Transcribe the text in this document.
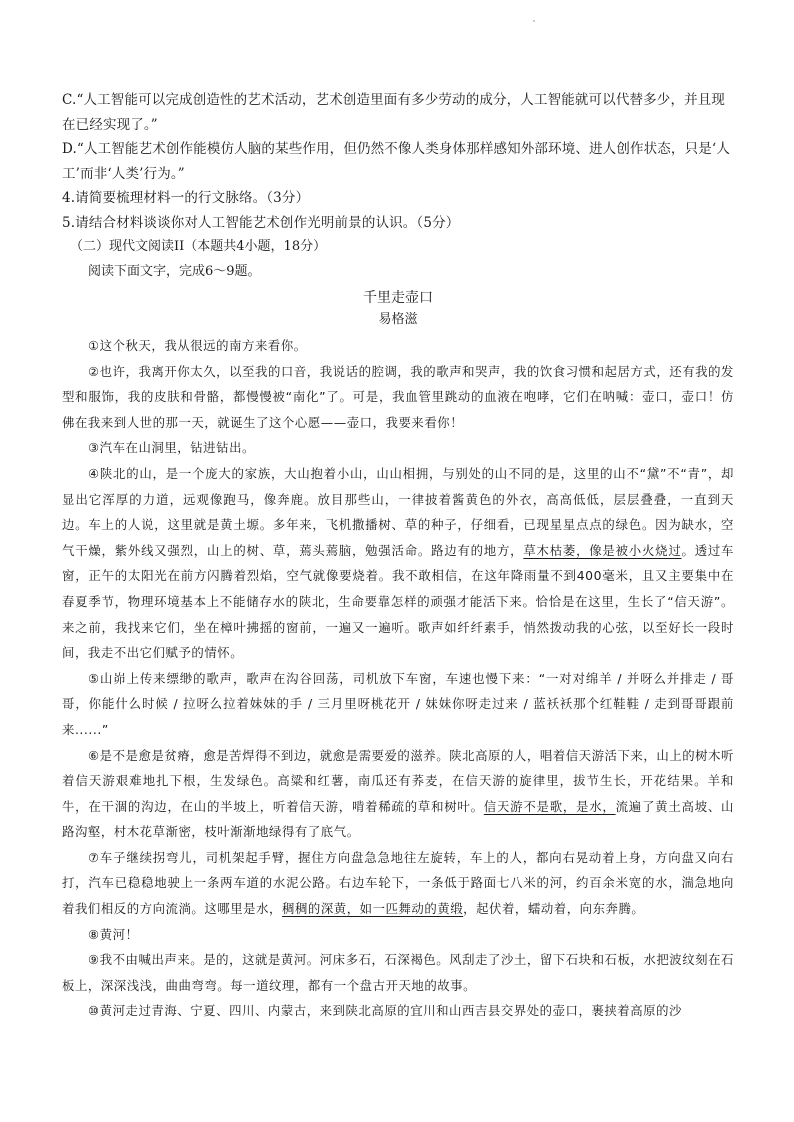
C.“人工智能可以完成创造性的艺术活动，艺术创造里面有多少劳动的成分，人工智能就可以代替多少，并且现在已经实现了。”

D.“人工智能艺术创作能模仿人脑的某些作用，但仍然不像人类身体那样感知外部环境、进人创作状态，只是‘人工’而非‘人类’行为。”

4.请简要梳理材料一的行文脉络。（3分）

5.请结合材料谈谈你对人工智能艺术创作光明前景的认识。（5分）

（二）现代文阅读II（本题共4小题，18分）

阅读下面文字，完成6～9题。

千里走壶口

易格滋

①这个秋天，我从很远的南方来看你。

②也许，我离开你太久，以至我的口音，我说话的腔调，我的歌声和哭声，我的饮食习惯和起居方式，还有我的发型和服饰，我的皮肤和骨骼，都慢慢被“南化”了。可是，我血管里跳动的血液在咆哮，它们在呐喊：壶口，壶口！仿佛在我来到人世的那一天，就诞生了这个心愿——壶口，我要来看你！

③汽车在山洞里，钻进钻出。

④陕北的山，是一个庞大的家族，大山抱着小山，山山相拥，与别处的山不同的是，这里的山不“黛”不“青”，却显出它浑厚的力道，远观像跑马，像奔鹿。放目那些山，一律披着酱黄色的外衣，高高低低，层层叠叠，一直到天边。车上的人说，这里就是黄土塬。多年来，飞机撒播树、草的种子，仔细看，已现星星点点的绿色。因为缺水，空气干燥，紫外线又强烈，山上的树、草，蔫头蔫脑，勉强活命。路边有的地方，草木枯萎，像是被小火烧过。透过车窗，正午的太阳光在前方闪腾着烈焰，空气就像要烧着。我不敢相信，在这年降雨量不到400毫米，且又主要集中在春夏季节，物理环境基本上不能储存水的陕北，生命要靠怎样的顽强才能活下来。恰恰是在这里，生长了“信天游”。来之前，我找来它们，坐在樟叶拂摇的窗前，一遍又一遍听。歌声如纤纤素手，悄然拨动我的心弦，以至好长一段时间，我走不出它们赋予的情怀。

⑤山峁上传来缥缈的歌声，歌声在沟谷回荡，司机放下车窗，车速也慢下来：“一对对绵羊 / 并呀么并排走 / 哥哥，你能什么时候 / 拉呀么拉着妹妹的手 / 三月里呀桃花开 / 妹妹你呀走过来 / 蓝袄袄那个红鞋鞋 / 走到哥哥跟前来......”

⑥是不是愈是贫瘠，愈是苦焊得不到边，就愈是需要爱的滋养。陕北高原的人，唱着信天游活下来，山上的树木听着信天游艰难地扎下根，生发绿色。高粱和红薯，南瓜还有荞麦，在信天游的旋律里，拔节生长，开花结果。羊和牛，在干涸的沟边，在山的半坡上，听着信天游，啃着稀疏的草和树叶。信天游不是歌，是水，流遍了黄土高坡、山路沟壑，村木花草渐密，枝叶渐渐地绿得有了底气。

⑦车子继续拐弯儿，司机架起手臂，握住方向盘急急地往左旋转，车上的人，都向右晃动着上身，方向盘又向右打，汽车已稳稳地驶上一条两车道的水泥公路。右边车轮下，一条低于路面七八米的河，约百余米宽的水，湍急地向着我们相反的方向流淌。这哪里是水，稠稠的深黄，如一匹舞动的黄缎，起伏着，蠕动着，向东奔腾。

⑧黄河！

⑨我不由喊出声来。是的，这就是黄河。河床多石，石深褐色。风刮走了沙土，留下石块和石板，水把波纹刻在石板上，深深浅浅，曲曲弯弯。每一道纹理，都有一个盘古开天地的故事。

⑩黄河走过青海、宁夏、四川、内蒙古，来到陕北高原的宜川和山西吉县交界处的壶口，裹挟着高原的沙
